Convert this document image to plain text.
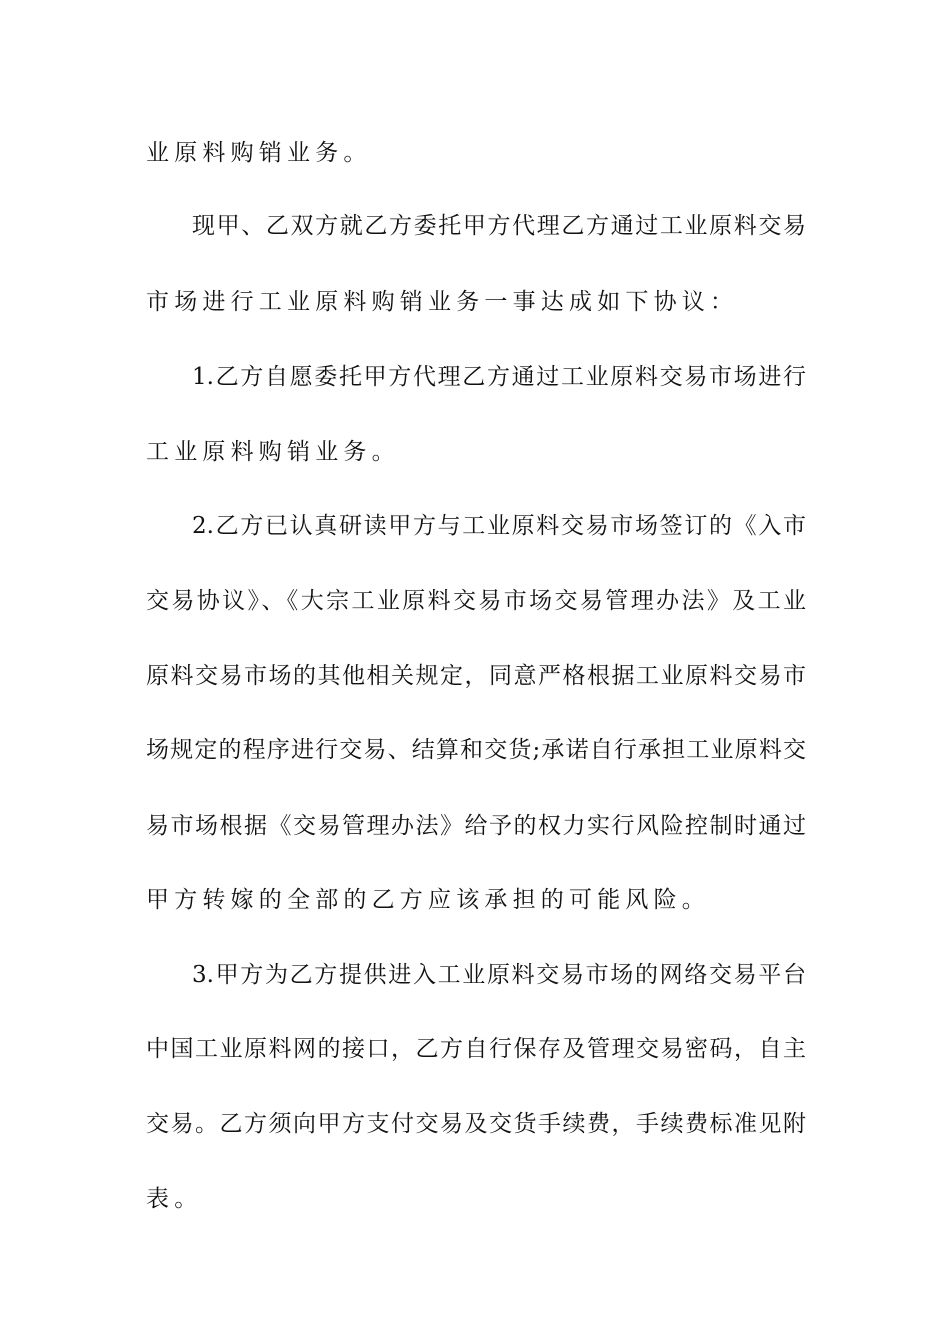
业原料购销业务。
现甲、乙双方就乙方委托甲方代理乙方通过工业原料交易
市场进行工业原料购销业务一事达成如下协议：
1.乙方自愿委托甲方代理乙方通过工业原料交易市场进行
工业原料购销业务。
2.乙方已认真研读甲方与工业原料交易市场签订的《入市
交易协议》、《大宗工业原料交易市场交易管理办法》及工业
原料交易市场的其他相关规定，同意严格根据工业原料交易市
场规定的程序进行交易、结算和交货;承诺自行承担工业原料交
易市场根据《交易管理办法》给予的权力实行风险控制时通过
甲方转嫁的全部的乙方应该承担的可能风险。
3.甲方为乙方提供进入工业原料交易市场的网络交易平台
中国工业原料网的接口，乙方自行保存及管理交易密码，自主
交易。乙方须向甲方支付交易及交货手续费，手续费标准见附
表。
